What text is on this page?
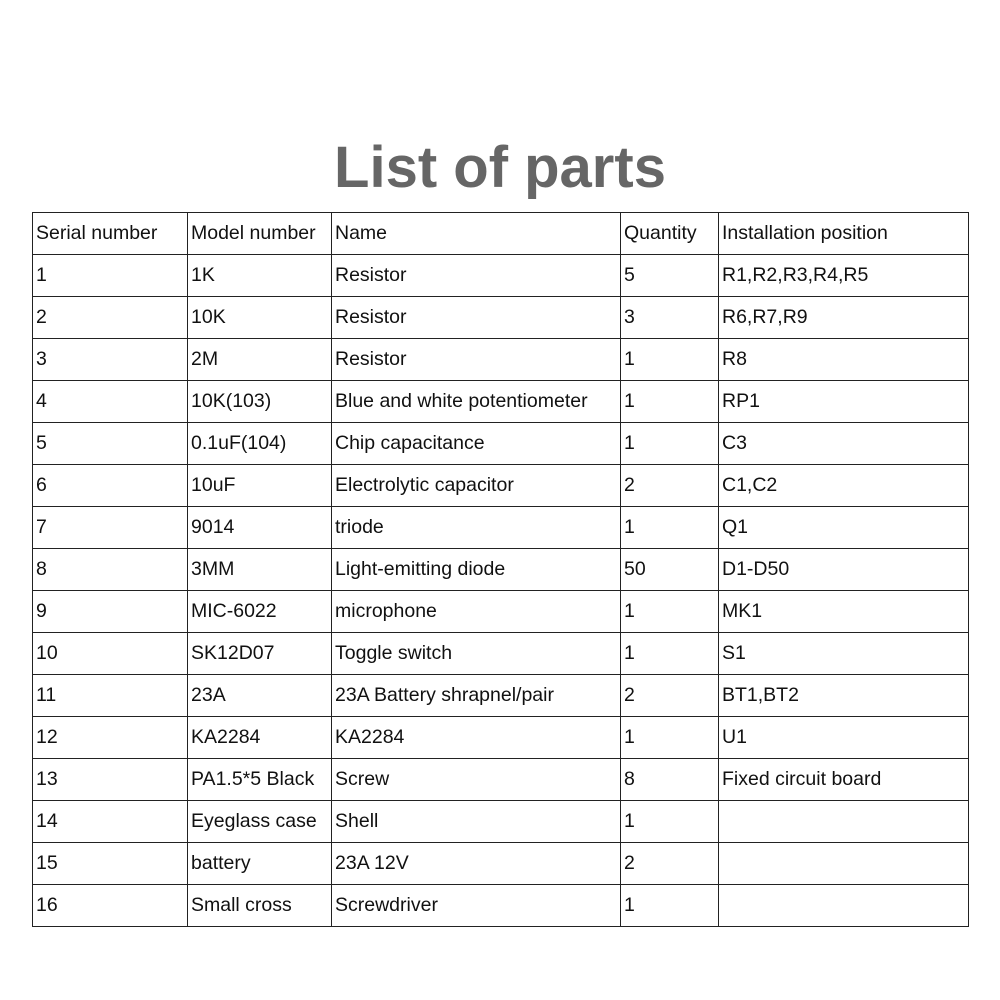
List of parts
Serial number	Model number	Name	Quantity	Installation position
1	1K	Resistor	5	R1,R2,R3,R4,R5
2	10K	Resistor	3	R6,R7,R9
3	2M	Resistor	1	R8
4	10K(103)	Blue and white potentiometer	1	RP1
5	0.1uF(104)	Chip capacitance	1	C3
6	10uF	Electrolytic capacitor	2	C1,C2
7	9014	triode	1	Q1
8	3MM	Light-emitting diode	50	D1-D50
9	MIC-6022	microphone	1	MK1
10	SK12D07	Toggle switch	1	S1
11	23A	23A Battery shrapnel/pair	2	BT1,BT2
12	KA2284	KA2284	1	U1
13	PA1.5*5 Black	Screw	8	Fixed circuit board
14	Eyeglass case	Shell	1	
15	battery	23A 12V	2	
16	Small cross	Screwdriver	1	
